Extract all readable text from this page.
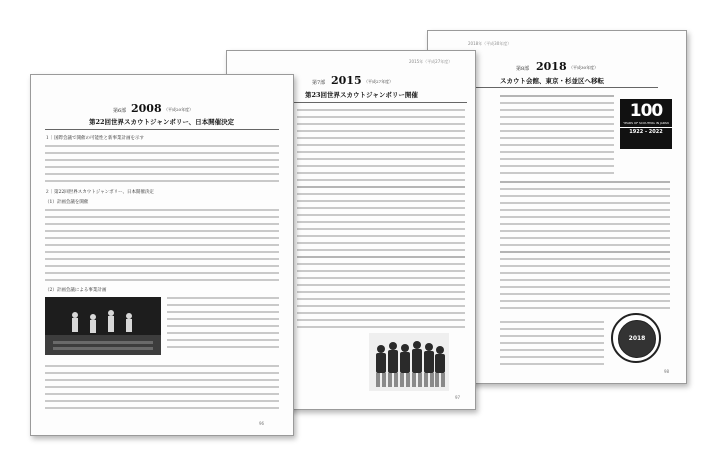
2018年（平成30年度）
第8部 2018 （平成30年度）
スカウト会館、東京・杉並区へ移転
100
YEARS OF SCOUTING IN JAPAN
1922 - 2022
2018
98
2015年（平成27年度）
第7部 2015 （平成27年度）
第23回世界スカウトジャンボリー開催
97
第6部 2008 （平成20年度）
第22回世界スカウトジャンボリー、日本開催決定
１｜国際会議で開催の可能性と新事業計画を示す
２｜第22回世界スカウトジャンボリー、日本開催決定
（1）計画会議を開催
（2）計画会議による事業計画
96
